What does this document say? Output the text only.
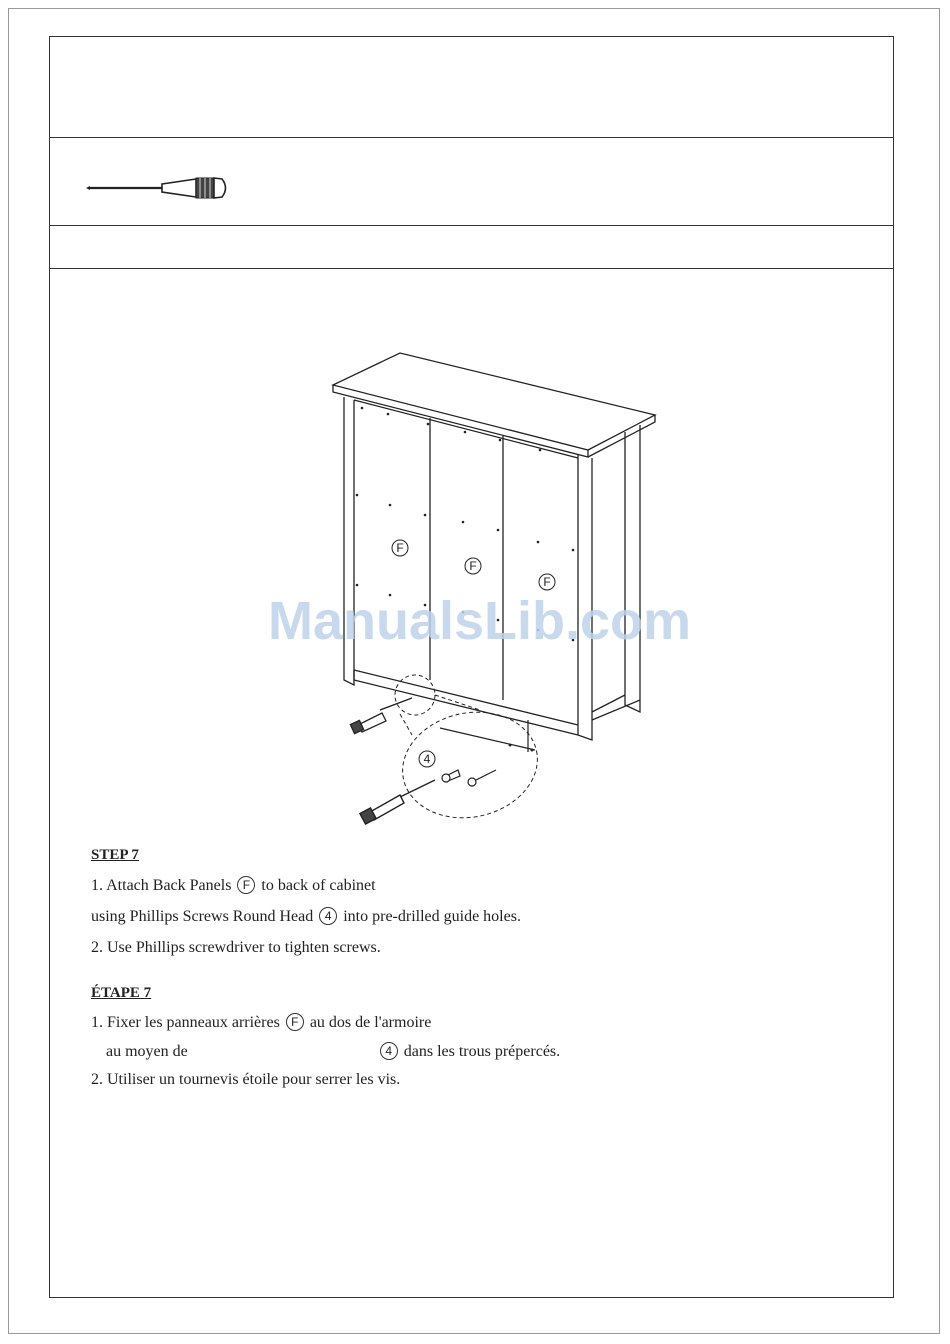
F
F
F
4
ManualsLib.com
STEP 7
1. Attach Back Panels F to back of cabinet
using Phillips Screws Round Head 4 into pre-drilled guide holes.
2. Use Phillips screwdriver to tighten screws.
ÉTAPE 7
1. Fixer les panneaux arrières F au dos de l'armoire
au moyen de	4 dans les trous prépercés.
2. Utiliser un tournevis étoile pour serrer les vis.
